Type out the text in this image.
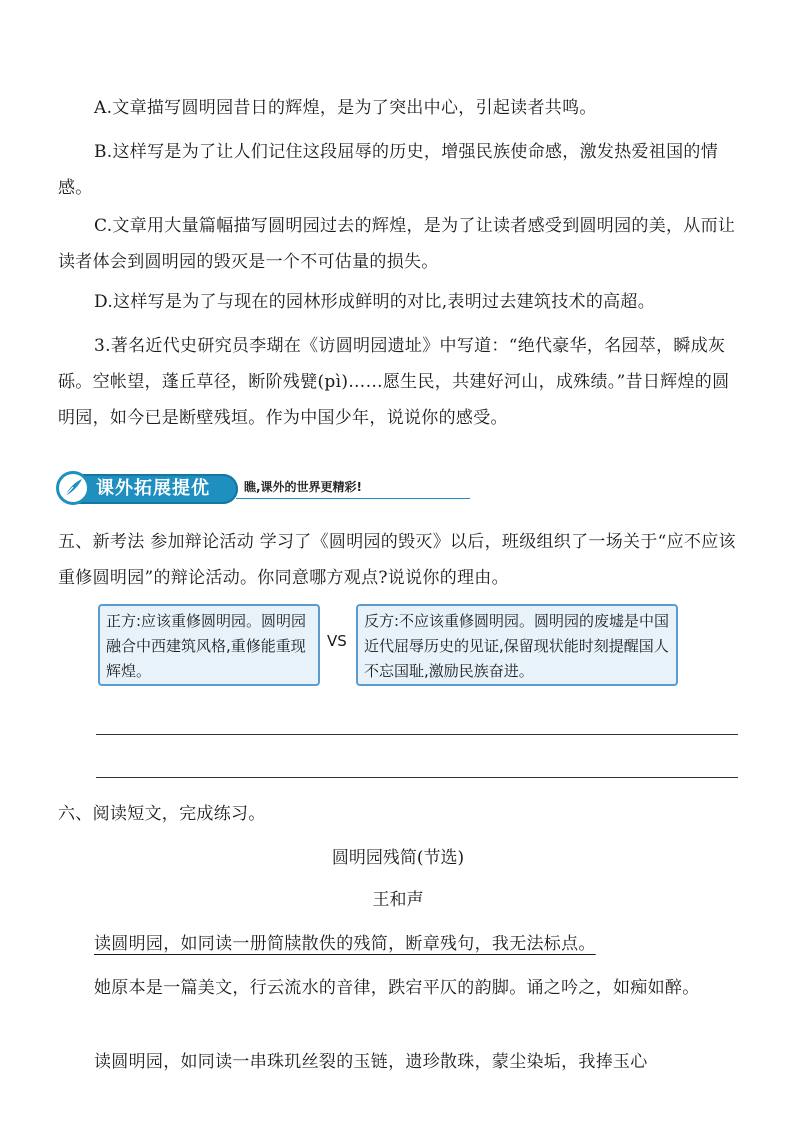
A.文章描写圆明园昔日的辉煌，是为了突出中心，引起读者共鸣。
B.这样写是为了让人们记住这段屈辱的历史，增强民族使命感，激发热爱祖国的情感。
C.文章用大量篇幅描写圆明园过去的辉煌，是为了让读者感受到圆明园的美，从而让读者体会到圆明园的毁灭是一个不可估量的损失。
D.这样写是为了与现在的园林形成鲜明的对比,表明过去建筑技术的高超。
3.著名近代史研究员李瑚在《访圆明园遗址》中写道：“绝代豪华，名园萃，瞬成灰砾。空帐望，蓬丘草径，断阶残甓(pì)……愿生民，共建好河山，成殊绩。”昔日辉煌的圆明园，如今已是断壁残垣。作为中国少年，说说你的感受。
课外拓展提优	瞧,课外的世界更精彩!
五、新考法 参加辩论活动 学习了《圆明园的毁灭》以后，班级组织了一场关于“应不应该重修圆明园”的辩论活动。你同意哪方观点?说说你的理由。
正方:应该重修圆明园。圆明园融合中西建筑风格,重修能重现辉煌。
VS
反方:不应该重修圆明园。圆明园的废墟是中国近代屈辱历史的见证,保留现状能时刻提醒国人不忘国耻,激励民族奋进。
六、阅读短文，完成练习。
圆明园残简(节选)
王和声
读圆明园，如同读一册简牍散佚的残简，断章残句，我无法标点。
她原本是一篇美文，行云流水的音律，跌宕平仄的韵脚。诵之吟之，如痴如醉。
读圆明园，如同读一串珠玑丝裂的玉链，遗珍散珠，蒙尘染垢，我捧玉心
